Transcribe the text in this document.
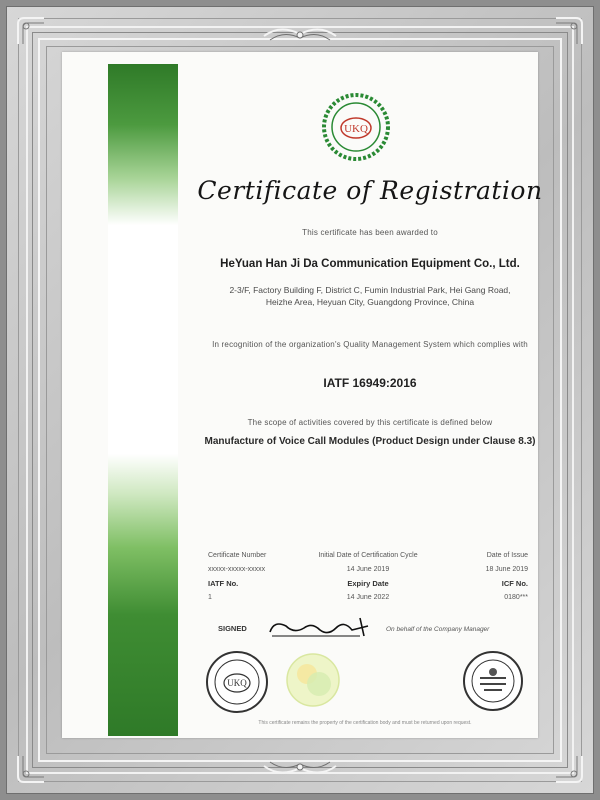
UKQ
Certificate of Registration
This certificate has been awarded to
HeYuan Han Ji Da Communication Equipment Co., Ltd.
2-3/F, Factory Building F, District C, Fumin Industrial Park, Hei Gang Road,
Heizhe Area, Heyuan City, Guangdong Province, China
In recognition of the organization's Quality Management System which complies with
IATF 16949:2016
The scope of activities covered by this certificate is defined below
Manufacture of Voice Call Modules (Product Design under Clause 8.3)
Certificate Number	Initial Date of Certification Cycle	Date of Issue
xxxxx-xxxxx-xxxxx	14 June 2019	18 June 2019
IATF No.	Expiry Date	ICF No.
1	14 June 2022	0180***
SIGNED	On behalf of the Company Manager
UKQ
This certificate remains the property of the certification body and must be returned upon request.
